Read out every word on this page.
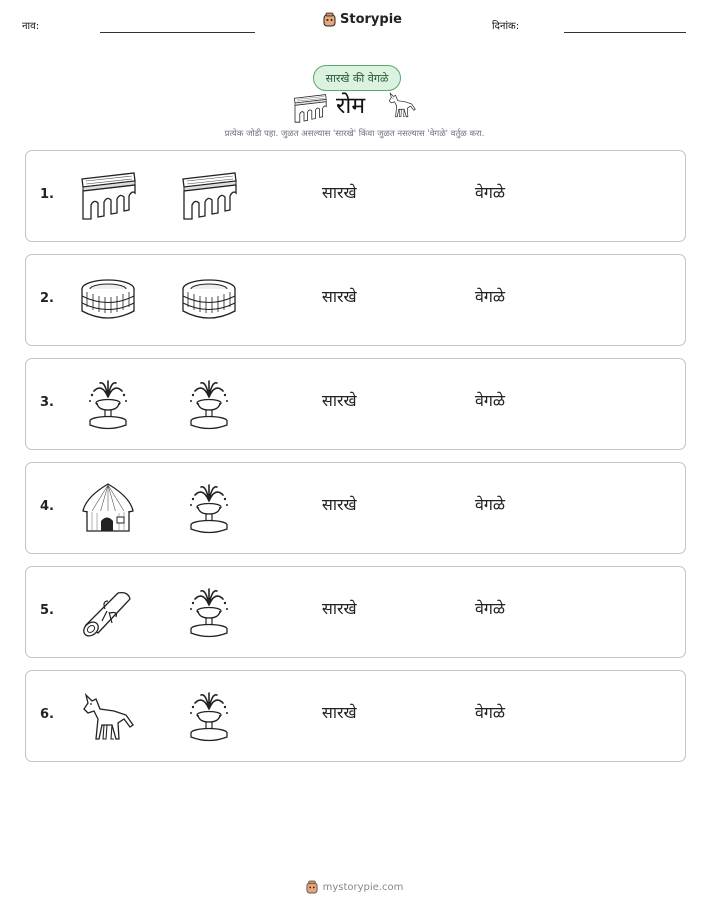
नाव:	Storypie	दिनांक:
सारखे की वेगळे
रोम
प्रत्येक जोडी पहा. जुळत असल्यास 'सारखे' किंवा जुळत नसल्यास 'वेगळे' वर्तुळ करा.
1.	सारखे	वेगळे
2.	सारखे	वेगळे
3.	सारखे	वेगळे
4.	सारखे	वेगळे
5.	सारखे	वेगळे
6.	सारखे	वेगळे
mystorypie.com
